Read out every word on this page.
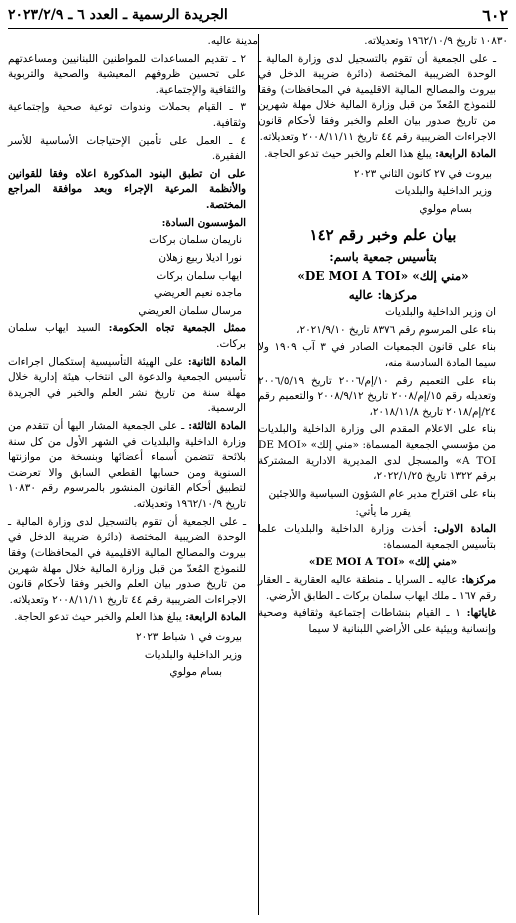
٦٠٢
الجريدة الرسمية ـ العدد ٦ ـ ٢٠٢٣/٢/٩

١٠٨٣٠ تاريخ ١٩٦٢/١٠/٩ وتعديلاته.

ـ على الجمعية أن تقوم بالتسجيل لدى وزارة المالية ـ الوحدة الضريبية المختصة (دائرة ضريبة الدخل في بيروت والمصالح المالية الاقليمية في المحافظات) وفقا للنموذج المُعدّ من قبل وزارة المالية خلال مهلة شهرين من تاريخ صدور بيان العلم والخبر وفقا لأحكام قانون الاجراءات الضريبية رقم ٤٤ تاريخ ٢٠٠٨/١١/١١ وتعديلاته.

المادة الرابعة: يبلغ هذا العلم والخبر حيث تدعو الحاجة.

بيروت في ٢٧ كانون الثاني ٢٠٢٣

وزير الداخلية والبلديات

بسام مولوي

بيان علم وخبر رقم ١٤٢
بتأسيس جمعية باسم:
«مني إلك» «DE MOI A TOI»
مركزها: عاليه

ان وزير الداخلية والبلديات

بناء على المرسوم رقم ٨٣٧٦ تاريخ ٢٠٢١/٩/١٠،

بناء على قانون الجمعيات الصادر في ٣ آب ١٩٠٩ ولا سيما المادة السادسة منه،

بناء على التعميم رقم ١٠/إم/٢٠٠٦ تاريخ ٢٠٠٦/٥/١٩ وتعديله رقم ١٥/إم/٢٠٠٨ تاريخ ٢٠٠٨/٩/١٢ والتعميم رقم ٢٤/إم/٢٠١٨ تاريخ ٢٠١٨/١١/٨،

بناء على الاعلام المقدم الى وزارة الداخلية والبلديات من مؤسسي الجمعية المسماة: «مني إلك» «DE MOI A TOI» والمسجل لدى المديرية الادارية المشتركة برقم ١٣٢٢ تاريخ ٢٠٢٢/١/٢٥،

بناء على اقتراح مدير عام الشؤون السياسية واللاجئين

يقرر ما يأتي:

المادة الاولى: أخذت وزارة الداخلية والبلديات علما بتأسيس الجمعية المسماة:

«مني إلك» «DE MOI A TOI»

مركزها: عاليه ـ السرايا ـ منطقة عاليه العقارية ـ العقار رقم ١٦٧ ـ ملك ايهاب سلمان بركات ـ الطابق الأرضي.

غاياتها: ١ ـ القيام بنشاطات إجتماعية وثقافية وصحية وإنسانية وبيئية على الأراضي اللبنانية لا سيما

مدينة عاليه.

٢ ـ تقديم المساعدات للمواطنين اللبنانيين ومساعدتهم على تحسين ظروفهم المعيشية والصحية والتربوية والثقافية والإجتماعية.

٣ ـ القيام بحملات وندوات توعية صحية وإجتماعية وثقافية.

٤ ـ العمل على تأمين الإحتياجات الأساسية للأسر الفقيرة.

على ان تطبق البنود المذكورة اعلاه وفقا للقوانين والأنظمة المرعية الإجراء وبعد موافقة المراجع المختصة.

المؤسسون السادة:

ناريمان سلمان بركات

نورا اديلا ربيع زهلان

ايهاب سلمان بركات

ماجده نعيم العريضي

مرسال سلمان العريضي

ممثل الجمعية تجاه الحكومة: السيد ايهاب سلمان بركات.

المادة الثانية: على الهيئة التأسيسية إستكمال اجراءات تأسيس الجمعية والدعوة الى انتخاب هيئة إدارية خلال مهلة سنة من تاريخ نشر العلم والخبر في الجريدة الرسمية.

المادة الثالثة: ـ على الجمعية المشار اليها أن تتقدم من وزارة الداخلية والبلديات في الشهر الأول من كل سنة بلائحة تتضمن أسماء أعضائها وبنسخة من موازنتها السنوية ومن حسابها القطعي السابق والا تعرضت لتطبيق أحكام القانون المنشور بالمرسوم رقم ١٠٨٣٠ تاريخ ١٩٦٢/١٠/٩ وتعديلاته.

ـ على الجمعية أن تقوم بالتسجيل لدى وزارة المالية ـ الوحدة الضريبية المختصة (دائرة ضريبة الدخل في بيروت والمصالح المالية الاقليمية في المحافظات) وفقا للنموذج المُعدّ من قبل وزارة المالية خلال مهلة شهرين من تاريخ صدور بيان العلم والخبر وفقا لأحكام قانون الاجراءات الضريبية رقم ٤٤ تاريخ ٢٠٠٨/١١/١١ وتعديلاته.

المادة الرابعة: يبلغ هذا العلم والخبر حيث تدعو الحاجة.

بيروت في ١ شباط ٢٠٢٣

وزير الداخلية والبلديات

بسام مولوي
